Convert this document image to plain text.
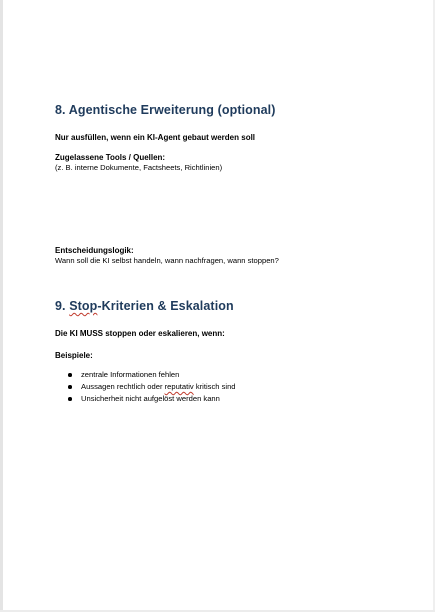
8. Agentische Erweiterung (optional)
Nur ausfüllen, wenn ein KI-Agent gebaut werden soll
Zugelassene Tools / Quellen:
(z. B. interne Dokumente, Factsheets, Richtlinien)
Entscheidungslogik:
Wann soll die KI selbst handeln, wann nachfragen, wann stoppen?
9. Stop-Kriterien & Eskalation
Die KI MUSS stoppen oder eskalieren, wenn:
Beispiele:
zentrale Informationen fehlen
Aussagen rechtlich oder reputativ kritisch sind
Unsicherheit nicht aufgelöst werden kann
